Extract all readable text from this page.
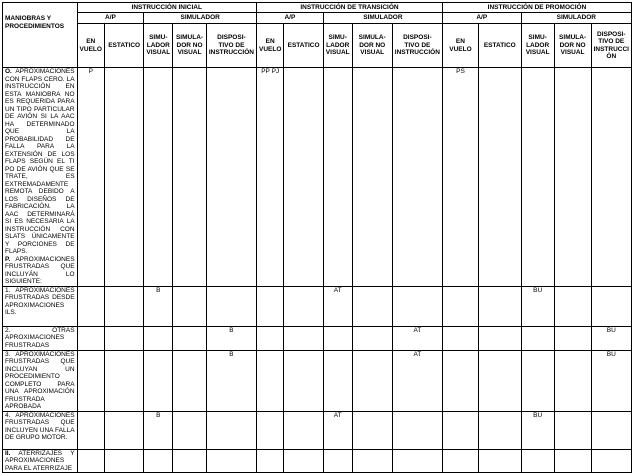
MANIOBRAS Y PROCEDIMIENTOS	INSTRUCCIÓN INICIAL					INSTRUCCIÓN DE TRANSICIÓN					INSTRUCCIÓN DE PROMOCIÓN				
	A/P		SIMULADOR			A/P		SIMULADOR			A/P		SIMULADOR		
	EN VUELO	ESTATICO	SIMU- LADOR VISUAL	SIMULA- DOR NO VISUAL	DISPOSI- TIVO DE INSTRUCCIÓN	EN VUELO	ESTATICO	SIMU- LADOR VISUAL	SIMULA- DOR NO VISUAL	DISPOSI- TIVO DE INSTRUCCIÓN	EN VUELO	ESTATICO	SIMU- LADOR VISUAL	SIMULA- DOR NO VISUAL	DISPOSI- TIVO DE INSTRUCCI ÓN

O. APROXIMACIONES CON FLAPS CERO. LA INSTRUCCIÓN EN ESTA MANIOBRA NO ES REQUERIDA PARA UN TIPO PARTICULAR DE AVIÓN SI LA AAC HA DETERMINADO QUE LA PROBABILIDAD DE FALLA PARA LA EXTENSIÓN DE LOS FLAPS SEGÚN EL TI PO DE AVIÓN QUE SE TRATE, ES EXTREMADAMENTE REMOTA DEBIDO A LOS DISEÑOS DE FABRICACIÓN. LA AAC DETERMINARÁ SI ES NECESARIA LA INSTRUCCIÓN CON SLATS ÚNICAMENTE Y PORCIONES DE FLAPS.
P. APROXIMACIONES FRUSTRADAS QUE INCLUYÁN LO SIGUIENTE:	P					PP PJ					PS				
1. APROXIMACIONES FRUSTRADAS DESDE APROXIMACIONES ILS.			B					AT					BU		
2. OTRAS APROXIMACIONES FRUSTRADAS					B					AT					BU
3. APROXIMACIONES FRUSTRADAS QUE INCLUYAN UN PROCEDIMIENTO COMPLETO PARA UNA APROXIMACIÓN FRUSTRADA APROBADA					B					AT					BU
4. APROXIMACIONES FRUSTRADAS QUE INCLUYEN UNA FALLA DE GRUPO MOTOR.			B					AT					BU		
II. ATERRIZAJES Y APROXIMACIONES PARA EL ATERRIZAJE															
